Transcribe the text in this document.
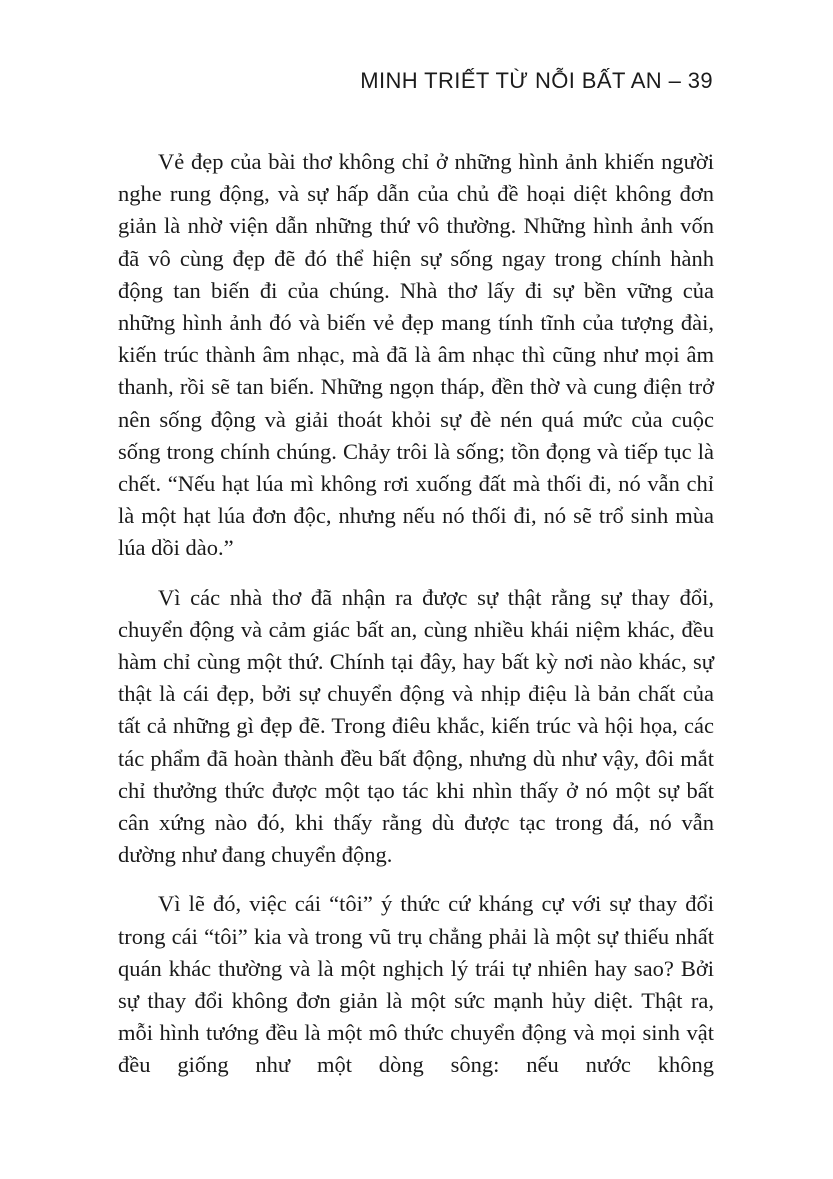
MINH TRIẾT TỪ NỖI BẤT AN – 39

Vẻ đẹp của bài thơ không chỉ ở những hình ảnh khiến người nghe rung động, và sự hấp dẫn của chủ đề hoại diệt không đơn giản là nhờ viện dẫn những thứ vô thường. Những hình ảnh vốn đã vô cùng đẹp đẽ đó thể hiện sự sống ngay trong chính hành động tan biến đi của chúng. Nhà thơ lấy đi sự bền vững của những hình ảnh đó và biến vẻ đẹp mang tính tĩnh của tượng đài, kiến trúc thành âm nhạc, mà đã là âm nhạc thì cũng như mọi âm thanh, rồi sẽ tan biến. Những ngọn tháp, đền thờ và cung điện trở nên sống động và giải thoát khỏi sự đè nén quá mức của cuộc sống trong chính chúng. Chảy trôi là sống; tồn đọng và tiếp tục là chết. “Nếu hạt lúa mì không rơi xuống đất mà thối đi, nó vẫn chỉ là một hạt lúa đơn độc, nhưng nếu nó thối đi, nó sẽ trổ sinh mùa lúa dồi dào.”

Vì các nhà thơ đã nhận ra được sự thật rằng sự thay đổi, chuyển động và cảm giác bất an, cùng nhiều khái niệm khác, đều hàm chỉ cùng một thứ. Chính tại đây, hay bất kỳ nơi nào khác, sự thật là cái đẹp, bởi sự chuyển động và nhịp điệu là bản chất của tất cả những gì đẹp đẽ. Trong điêu khắc, kiến trúc và hội họa, các tác phẩm đã hoàn thành đều bất động, nhưng dù như vậy, đôi mắt chỉ thưởng thức được một tạo tác khi nhìn thấy ở nó một sự bất cân xứng nào đó, khi thấy rằng dù được tạc trong đá, nó vẫn dường như đang chuyển động.

Vì lẽ đó, việc cái “tôi” ý thức cứ kháng cự với sự thay đổi trong cái “tôi” kia và trong vũ trụ chẳng phải là một sự thiếu nhất quán khác thường và là một nghịch lý trái tự nhiên hay sao? Bởi sự thay đổi không đơn giản là một sức mạnh hủy diệt. Thật ra, mỗi hình tướng đều là một mô thức chuyển động và mọi sinh vật đều giống như một dòng sông: nếu nước không
